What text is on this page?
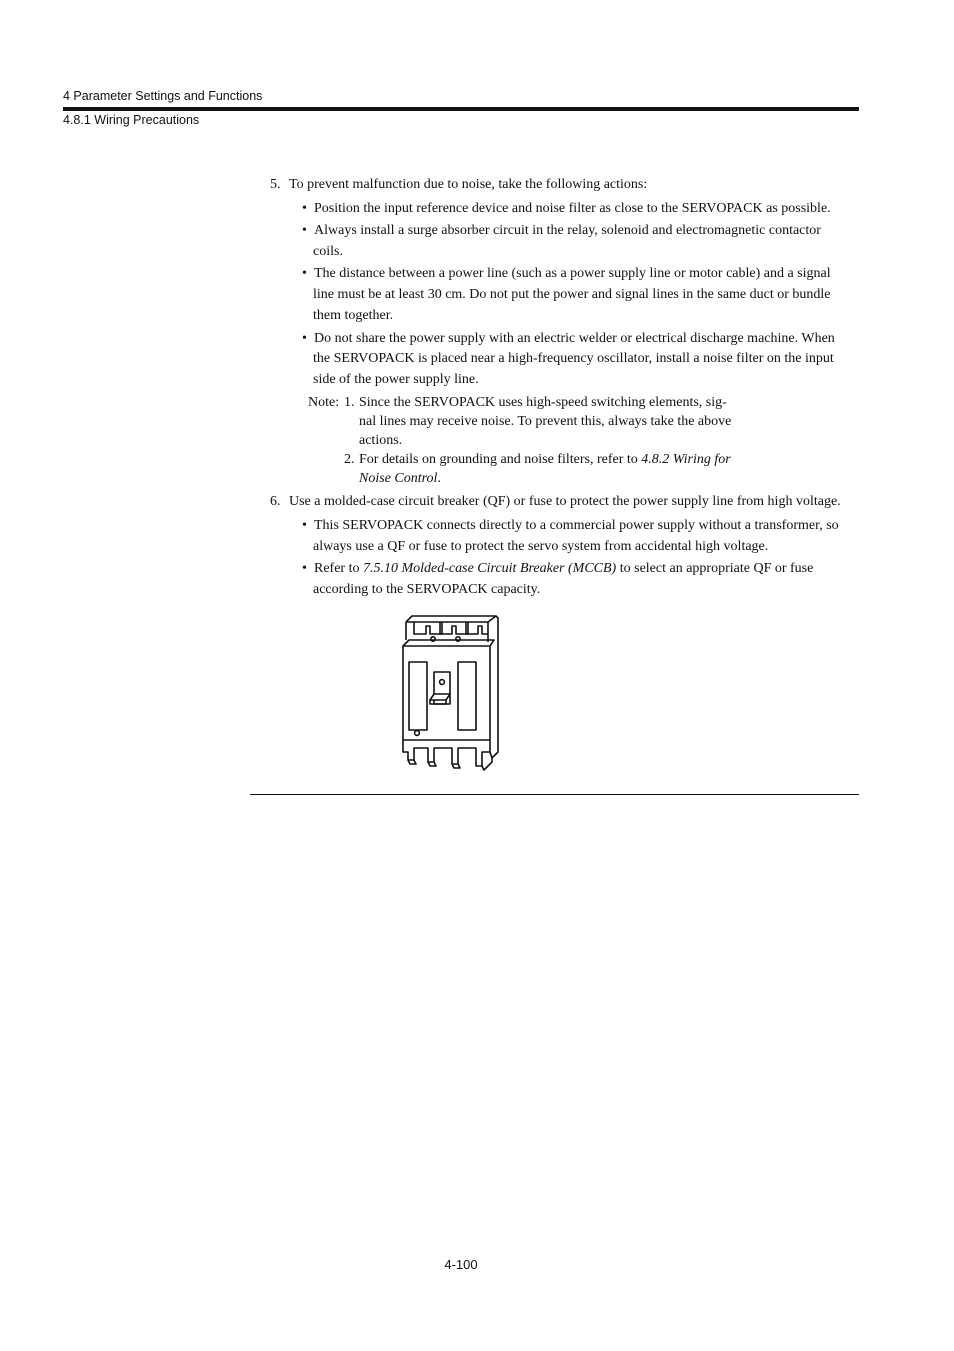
4 Parameter Settings and Functions
4.8.1 Wiring Precautions
5. To prevent malfunction due to noise, take the following actions:
• Position the input reference device and noise filter as close to the SERVOPACK as possible.
• Always install a surge absorber circuit in the relay, solenoid and electromagnetic contactor
coils.
• The distance between a power line (such as a power supply line or motor cable) and a signal
line must be at least 30 cm. Do not put the power and signal lines in the same duct or bundle
them together.
• Do not share the power supply with an electric welder or electrical discharge machine. When
the SERVOPACK is placed near a high-frequency oscillator, install a noise filter on the input
side of the power supply line.
Note: 1. Since the SERVOPACK uses high-speed switching elements, sig-
nal lines may receive noise. To prevent this, always take the above
actions.
2. For details on grounding and noise filters, refer to 4.8.2 Wiring for
Noise Control.
6. Use a molded-case circuit breaker (QF) or fuse to protect the power supply line from high voltage.
• This SERVOPACK connects directly to a commercial power supply without a transformer, so
always use a QF or fuse to protect the servo system from accidental high voltage.
• Refer to 7.5.10 Molded-case Circuit Breaker (MCCB) to select an appropriate QF or fuse
according to the SERVOPACK capacity.
4-100
